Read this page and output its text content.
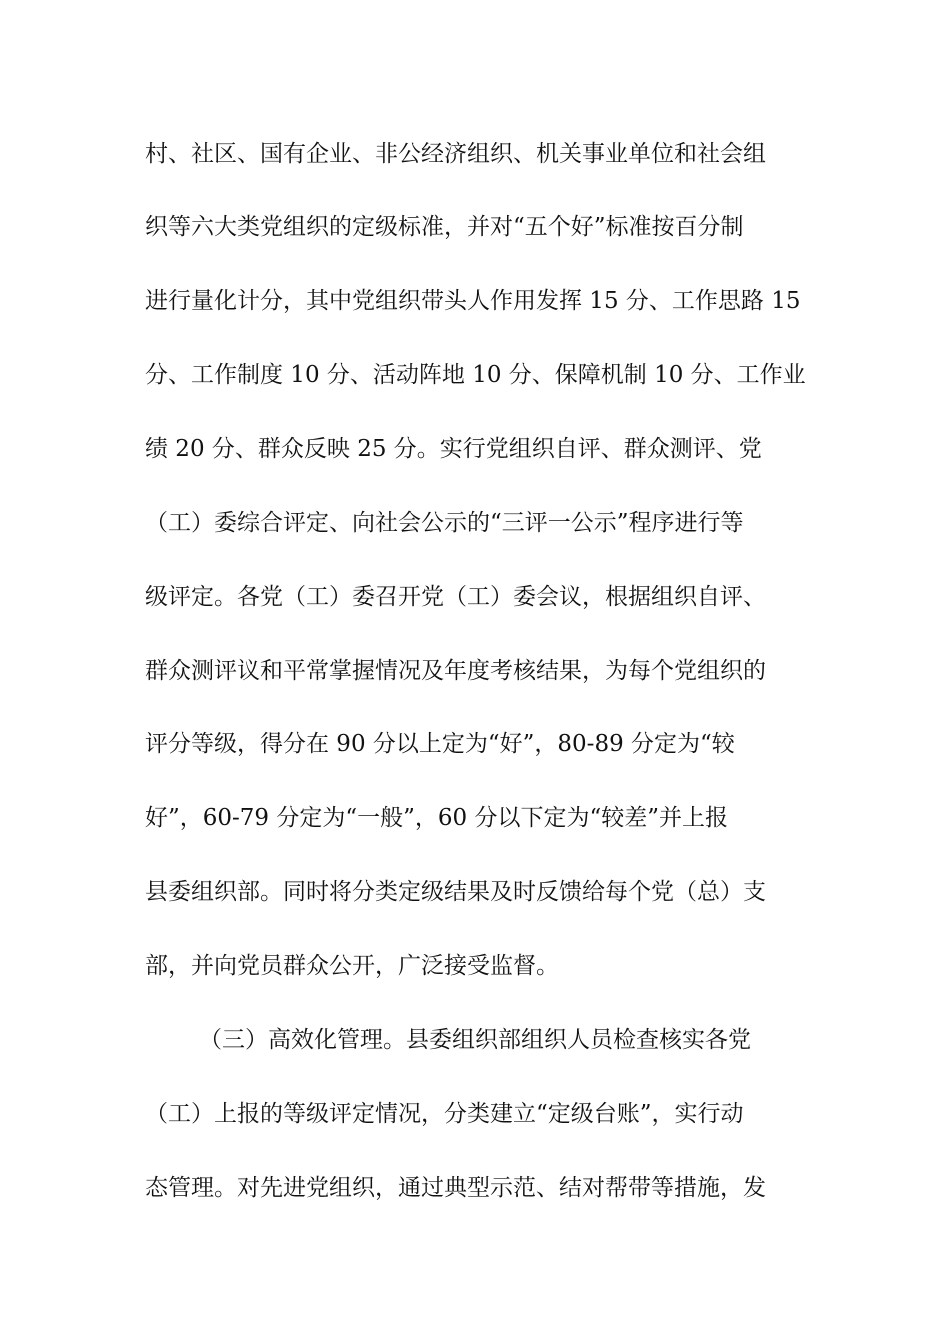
村、社区、国有企业、非公经济组织、机关事业单位和社会组
织等六大类党组织的定级标准，并对“五个好”标准按百分制
进行量化计分，其中党组织带头人作用发挥 15 分、工作思路 15
分、工作制度 10 分、活动阵地 10 分、保障机制 10 分、工作业
绩 20 分、群众反映 25 分。实行党组织自评、群众测评、党
（工）委综合评定、向社会公示的“三评一公示”程序进行等
级评定。各党（工）委召开党（工）委会议，根据组织自评、
群众测评议和平常掌握情况及年度考核结果，为每个党组织的
评分等级，得分在 90 分以上定为“好”，80-89 分定为“较
好”，60-79 分定为“一般”，60 分以下定为“较差”并上报
县委组织部。同时将分类定级结果及时反馈给每个党（总）支
部，并向党员群众公开，广泛接受监督。
（三）高效化管理。县委组织部组织人员检查核实各党
（工）上报的等级评定情况，分类建立“定级台账”，实行动
态管理。对先进党组织，通过典型示范、结对帮带等措施，发
